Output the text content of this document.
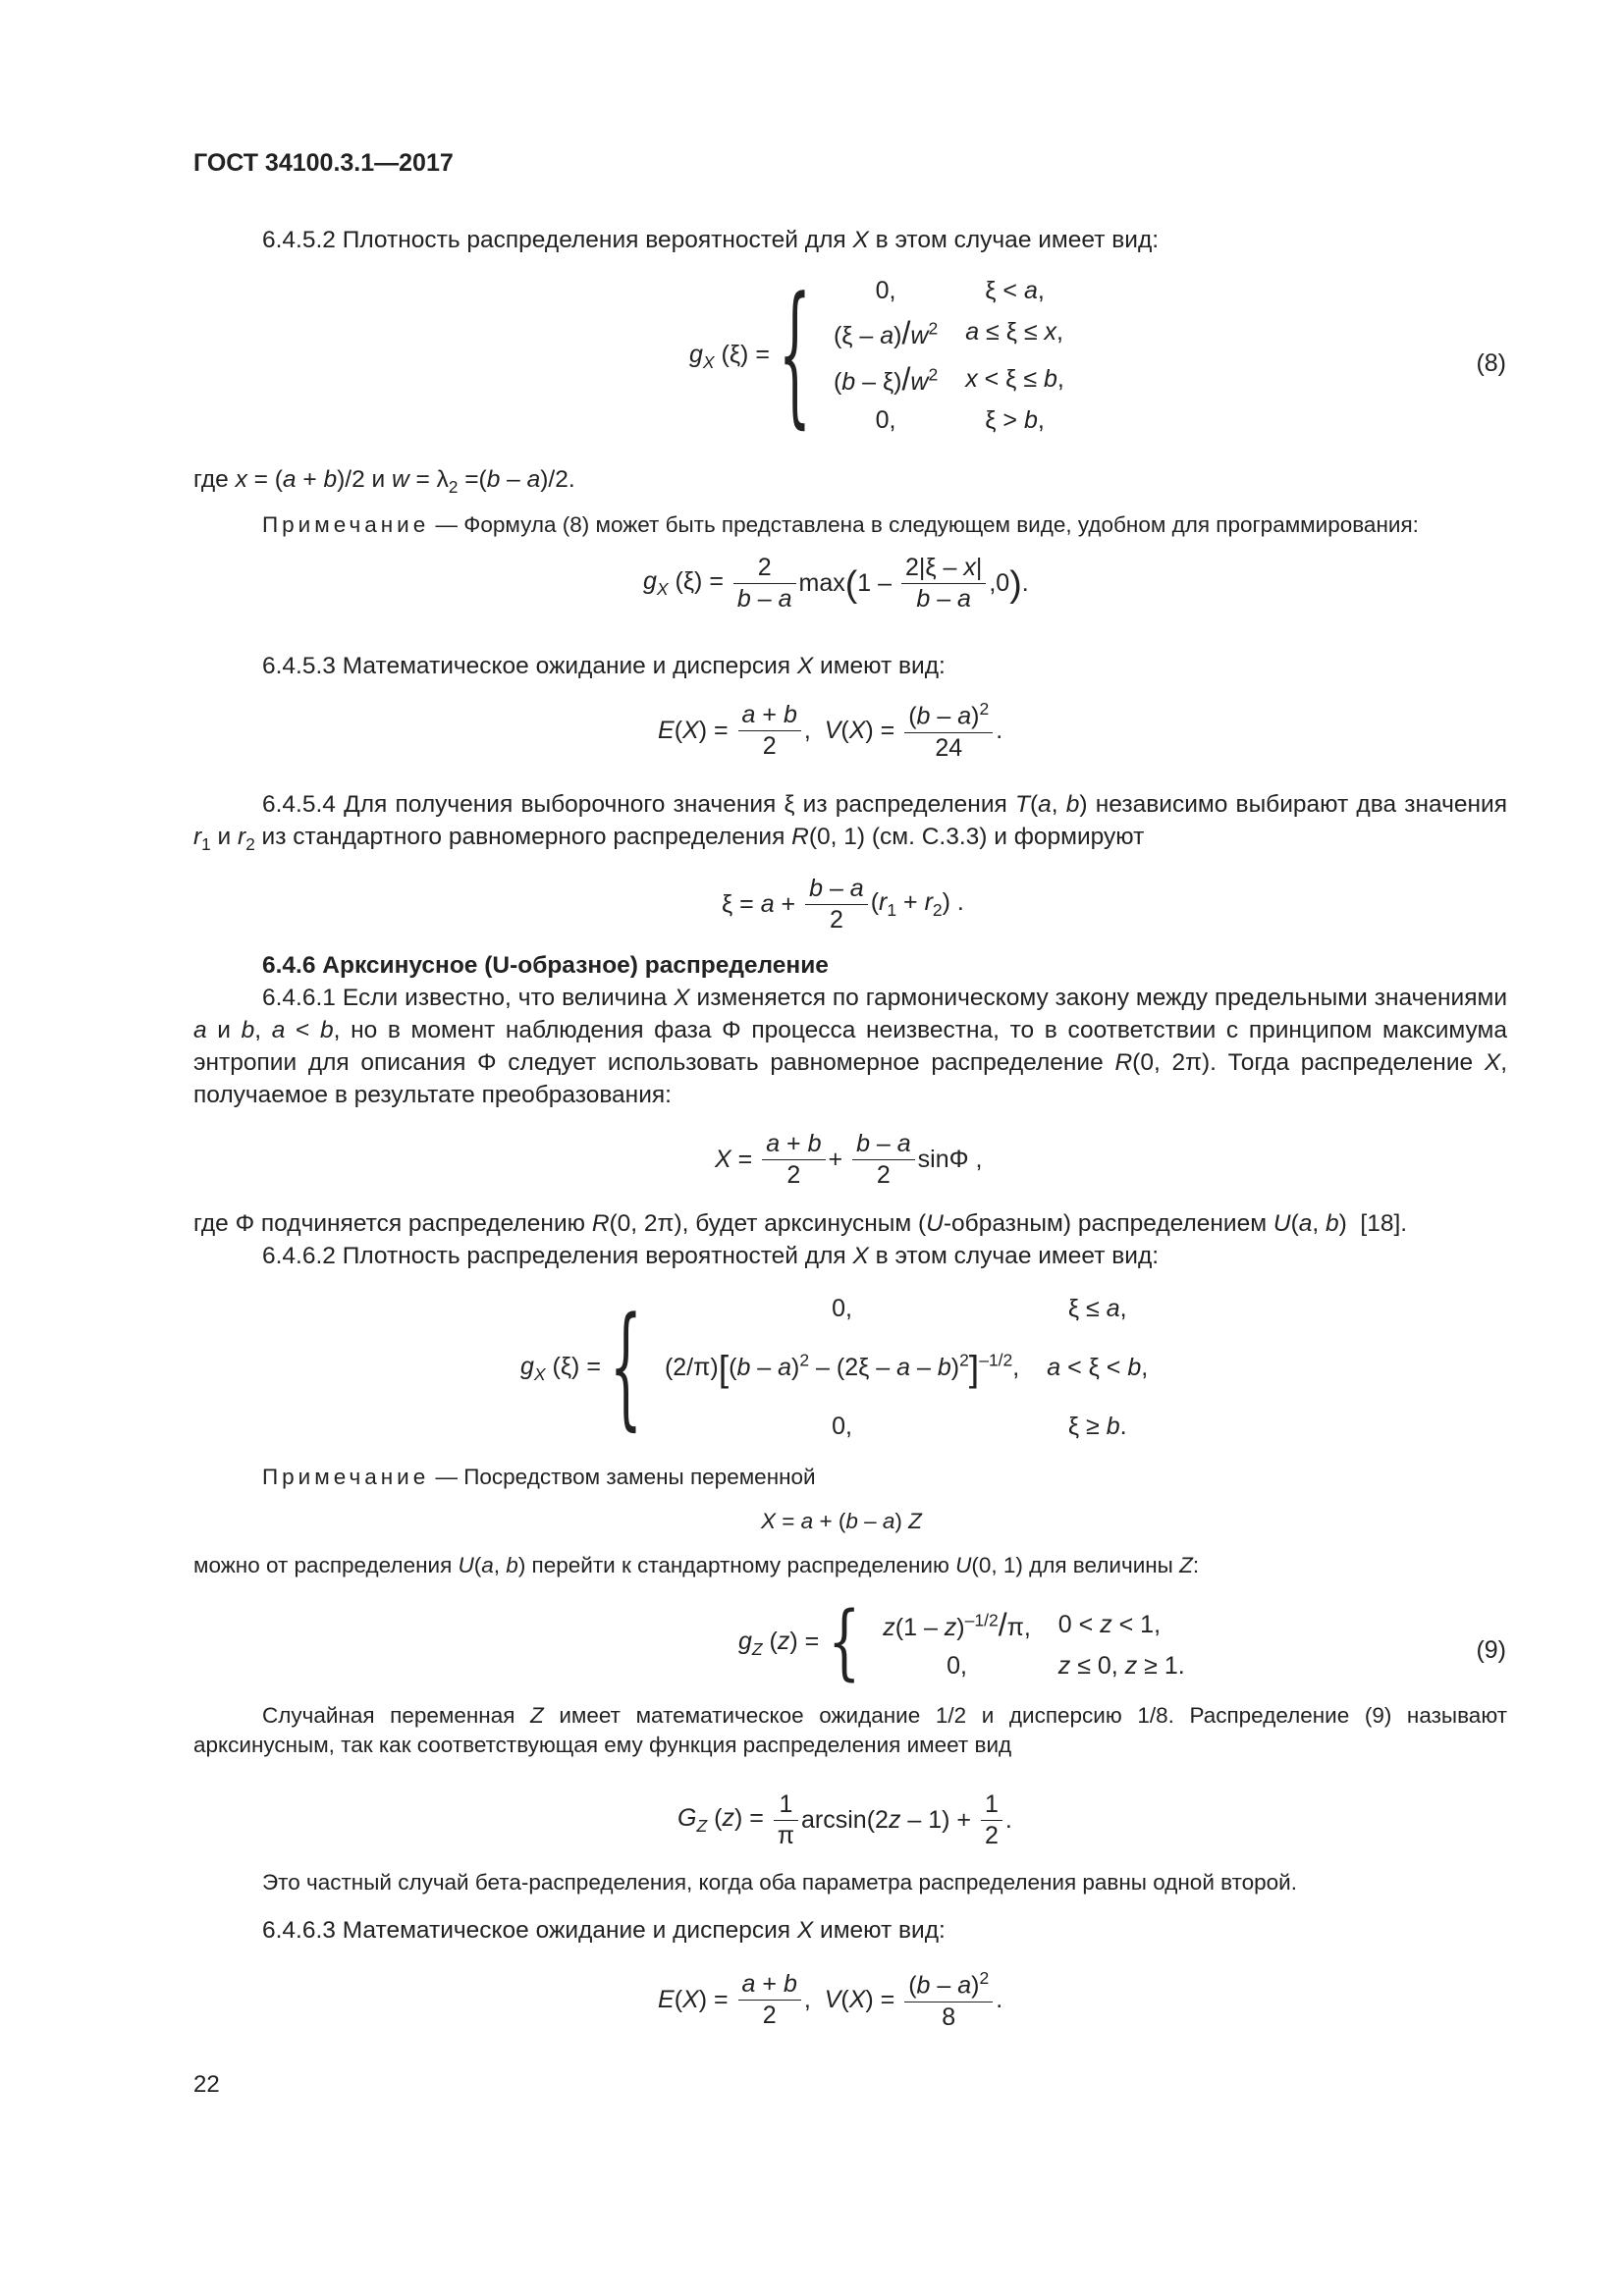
ГОСТ 34100.3.1—2017
6.4.5.2 Плотность распределения вероятностей для X в этом случае имеет вид:
$g_X$ (ξ) = {	0,	ξ < a,
$(\xi - a)/w^2$	a ≤ ξ ≤ x,
$(b - \xi)/w^2$	x < ξ ≤ b,
0,	ξ > b,
(8)
где x = (a + b)/2 и $w = \lambda_2 =(b - a)/2$.
Примечание — Формула (8) может быть представлена в следующем виде, удобном для программирования:
$g_X$ $(\xi) = \frac{2}{b - a} \max(1 - \frac{2|\xi - x|}{b - a} ,0)$.
6.4.5.3 Математическое ожидание и дисперсия X имеют вид:
$E(X) = \frac{a + b}{2}$ ,  $V(X) = \frac{(b - a)^2}{24}$ .
6.4.5.4 Для получения выборочного значения ξ из распределения T(a, b) независимо выбирают два значения $r_1$ и $r_2$ из стандартного равномерного распределения R(0, 1) (см. С.3.3) и формируют
$\xi = a + \frac{b - a}{2} (r_1 + r_2)$ .
6.4.6 Арксинусное (U-образное) распределение
6.4.6.1 Если известно, что величина X изменяется по гармоническому закону между предельными значениями a и b, a < b, но в момент наблюдения фаза Φ процесса неизвестна, то в соответствии с принципом максимума энтропии для описания Φ следует использовать равномерное распределение R(0, 2π). Тогда распределение X, получаемое в результате преобразования:
$X = \frac{a + b}{2} + \frac{b - a}{2}$ sinΦ ,
где Φ подчиняется распределению R(0, 2π), будет арксинусным (U-образным) распределением U(a, b)  [18].
6.4.6.2 Плотность распределения вероятностей для X в этом случае имеет вид:
$g_X$ (ξ) = {	0,	ξ ≤ a,
(2/π)[(b – a)$^2$ – (2ξ – a – b)$^2$]$^{-1/2}$,	a < ξ < b,
0,	ξ ≥ b.
Примечание — Посредством замены переменной
X = a + (b – a) Z
можно от распределения U(a, b) перейти к стандартному распределению U(0, 1) для величины Z:
$g_Z$ (z) = { z(1 – z)$^{-1/2}$/π,	0 < z < 1,
0,	z ≤ 0, z ≥ 1.
(9)
Случайная переменная Z имеет математическое ожидание 1/2 и дисперсию 1/8. Распределение (9) называют арксинусным, так как соответствующая ему функция распределения имеет вид
$G_Z$ $(z) = \frac{1}{\pi} \arcsin(2z - 1) + \frac{1}{2}$ .
Это частный случай бета-распределения, когда оба параметра распределения равны одной второй.
6.4.6.3 Математическое ожидание и дисперсия X имеют вид:
$E(X) = \frac{a + b}{2}$ ,  $V(X) = \frac{(b - a)^2}{8}$ .
22
